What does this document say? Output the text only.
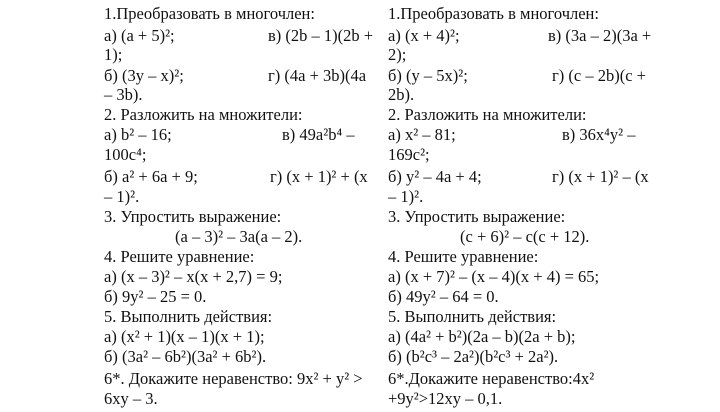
1.Преобразовать в многочлен:
а) (a + 5)²;	в) (2b – 1)(2b +
1);
б) (3y – x)²;	г) (4a + 3b)(4a
– 3b).
2. Разложить на множители:
а) b² – 16;	в) 49a²b⁴ –
100c⁴;
б) a² + 6a + 9;	г) (x + 1)² + (x
– 1)².
3. Упростить выражение:
(a – 3)² – 3a(a – 2).
4. Решите уравнение:
а) (x – 3)² – x(x + 2,7) = 9;
б) 9y² – 25 = 0.
5. Выполнить действия:
а) (x² + 1)(x – 1)(x + 1);
б) (3a² – 6b²)(3a² + 6b²).
6*. Докажите неравенство: 9x² + y² >
6xy – 3.
1.Преобразовать в многочлен:
а) (x + 4)²;	в) (3a – 2)(3a +
2);
б) (y – 5x)²;	г) (c – 2b)(c +
2b).
2. Разложить на множители:
а) x² – 81;	в) 36x⁴y² –
169c²;
б) y² – 4a + 4;	г) (x + 1)² – (x
– 1)².
3. Упростить выражение:
(c + 6)² – c(c + 12).
4. Решите уравнение:
а) (x + 7)² – (x – 4)(x + 4) = 65;
б) 49y² – 64 = 0.
5. Выполнить действия:
а) (4a² + b²)(2a – b)(2a + b);
б) (b²c³ – 2a²)(b²c³ + 2a²).
6*.Докажите неравенство:4x²
+9y²>12xy – 0,1.
